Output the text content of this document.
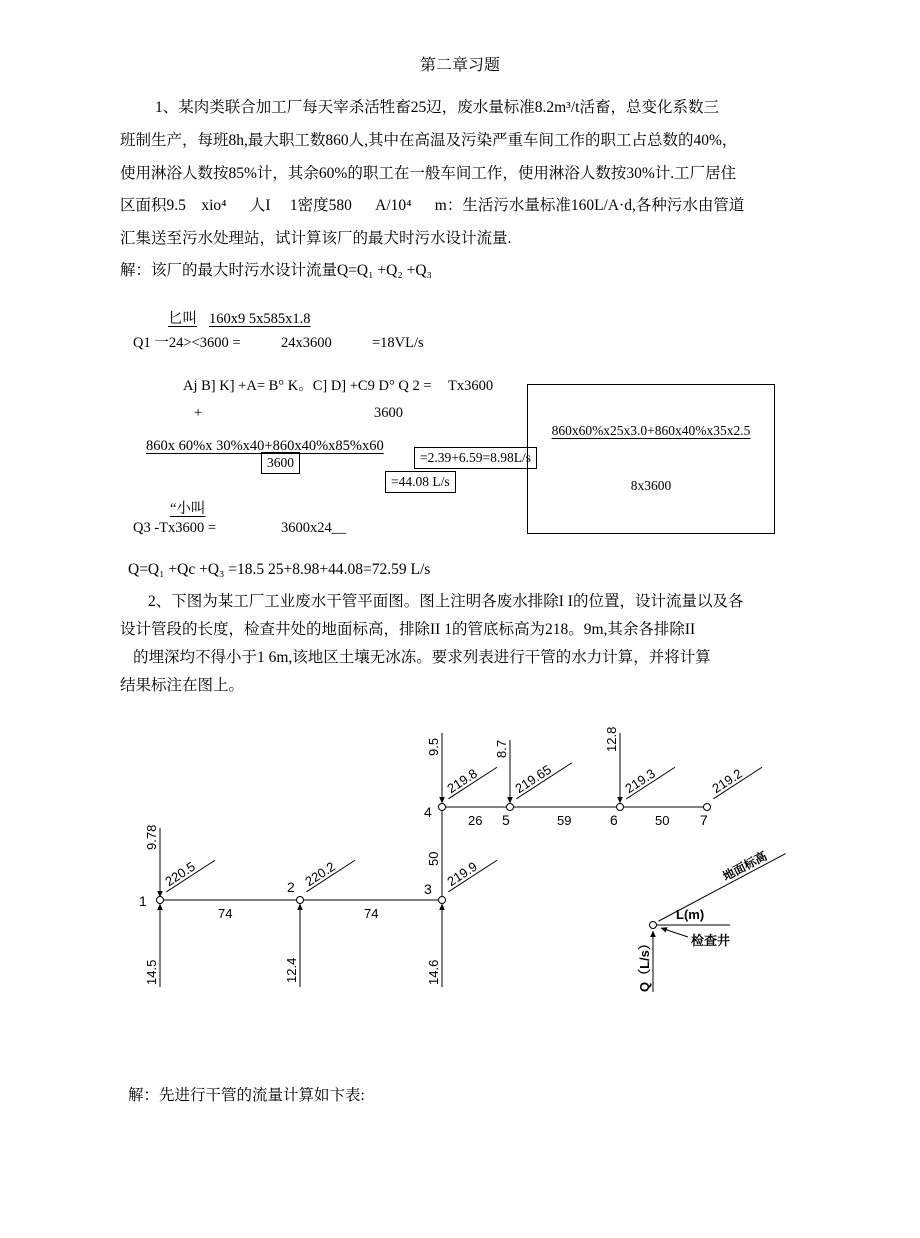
第二章习题
1、某肉类联合加工厂每天宰杀活牲畜25辺，废水量标准8.2m³/t活畜，总变化系数三
班制生产，每班8h,最大职工数860人,其中在高温及污染严重车间工作的职工占总数的40%，
使用淋浴人数按85%计，其余60%的职工在一般车间工作，使用淋浴人数按30%计.工厂居住
区面积9.5    xio⁴      人I     1密度580      A/10⁴      m：生活污水量标准160L/A·d,各种污水由管道
汇集送至污水处理站，试计算该厂的最犬时污水设计流量.
解：该厂的最大时污水设计流量Q=Q₁ +Q₂ +Q₃
匕叫 160x9 5x585x1.8
Q1 一24><3600 =	24x3600	=18VL/s
Aj B] K] +A= B° K。C] D] +C9 D° Q 2 = Tx3600

	$\frac{860x60\%x25x3.0+860x40\%x35x2.5}{8x3600}$

+	3600
860x 60%x 30%x40+860x40%x85%x60
3600	=2.39+6.59=8.98L/s
=44.08 L/s
“小叫
Q3 -Tx3600 =	3600x24__
Q=Q₁ +Qc +Q₃ =18.5 25+8.98+44.08=72.59 L/s
2、下图为某工厂工业废水干管平面图。图上注明各废水排除I I的位置，设计流量以及各
设计管段的长度，检查井处的地面标高，排除II 1的管底标高为218。9m,其余各排除II
的埋深均不得小于1 6m,该地区土壤无冰冻。要求列表进行干管的水力计算，并将计算
结果标注在图上。
1
2	3
4	5	6	7
220.5	220.2	219.9
219.8	219.65	219.3	219.2
9.78
14.5	12.4	14.6
9.5	8.7	12.8
74	74
50
26	59	50
地面标高
L(m)
检查井
Q（L/s）
解：先进行干管的流量计算如卞表:
